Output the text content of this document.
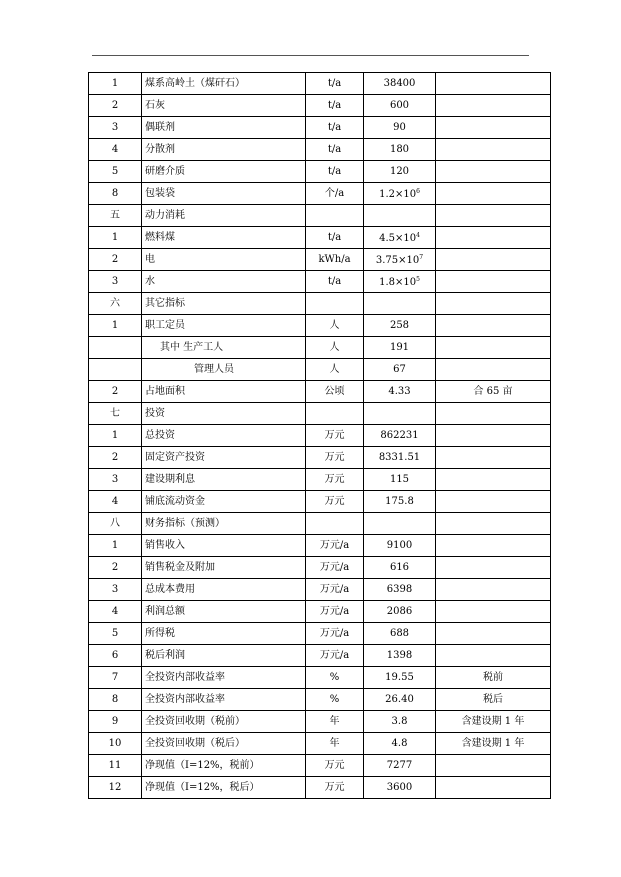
1	煤系高岭土（煤矸石）	t/a	38400	
2	石灰	t/a	600	
3	偶联剂	t/a	90	
4	分散剂	t/a	180	
5	研磨介质	t/a	120	
8	包装袋	个/a	$1.2\times 10^6$	
五	动力消耗			
1	燃料煤	t/a	$4.5\times 10^4$	
2	电	kWh/a	$3.75\times 10^7$	
3	水	t/a	$1.8\times 10^5$	
六	其它指标			
1	职工定员	人	258	
	其中 生产工人	人	191	
	管理人员	人	67	
2	占地面积	公顷	4.33	合 65 亩
七	投资			
1	总投资	万元	862231	
2	固定资产投资	万元	8331.51	
3	建设期利息	万元	115	
4	铺底流动资金	万元	175.8	
八	财务指标（预测）			
1	销售收入	万元/a	9100	
2	销售税金及附加	万元/a	616	
3	总成本费用	万元/a	6398	
4	利润总额	万元/a	2086	
5	所得税	万元/a	688	
6	税后利润	万元/a	1398	
7	全投资内部收益率	%	19.55	税前
8	全投资内部收益率	%	26.40	税后
9	全投资回收期（税前）	年	3.8	含建设期 1 年
10	全投资回收期（税后）	年	4.8	含建设期 1 年
11	净现值（I=12%，税前）	万元	7277	
12	净现值（I=12%，税后）	万元	3600	
